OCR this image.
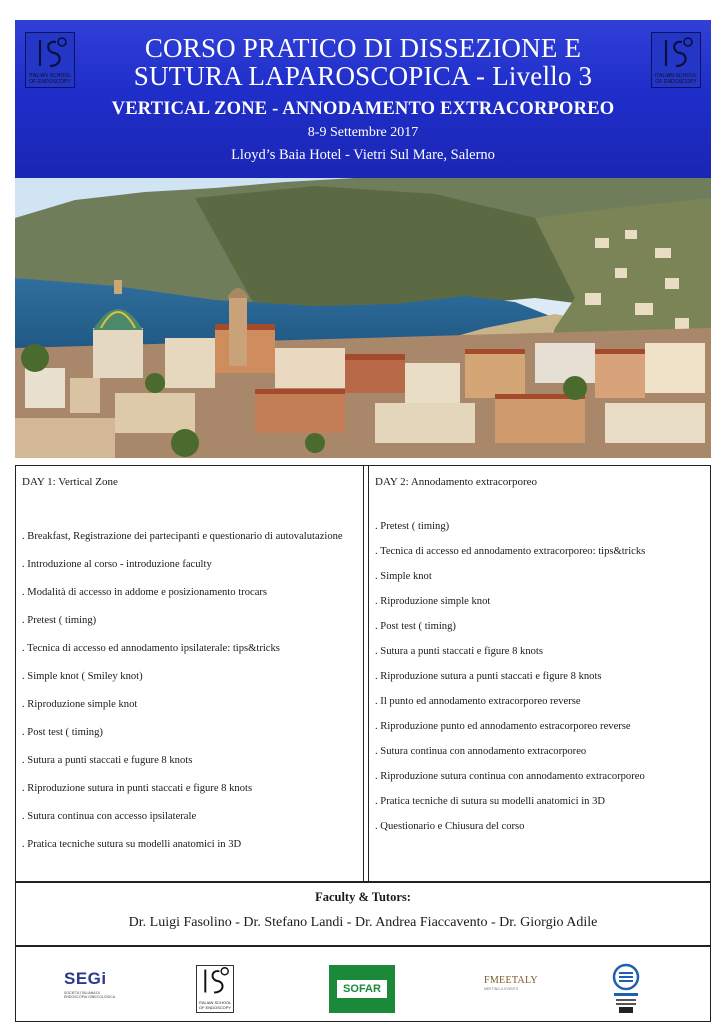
ITALIAN SCHOOL
OF ENDOSCOPY
ITALIAN SCHOOL
OF ENDOSCOPY
CORSO PRATICO DI DISSEZIONE E
SUTURA LAPAROSCOPICA - Livello 3
VERTICAL ZONE - ANNODAMENTO EXTRACORPOREO
8-9 Settembre 2017
Lloyd’s Baia Hotel - Vietri Sul Mare, Salerno
DAY 1: Vertical Zone
. Breakfast, Registrazione dei partecipanti e questionario di autovalutazione
. Introduzione al corso - introduzione faculty
. Modalità di accesso in addome e posizionamento trocars
. Pretest ( timing)
. Tecnica di accesso ed annodamento ipsilaterale: tips&tricks
. Simple knot ( Smiley knot)
. Riproduzione simple knot
. Post test ( timing)
. Sutura a punti staccati e fugure 8 knots
. Riproduzione sutura in punti staccati e figure 8 knots
. Sutura continua con accesso ipsilaterale
. Pratica tecniche sutura su modelli anatomici in 3D
DAY 2: Annodamento extracorporeo
. Pretest ( timing)
. Tecnica di accesso ed annodamento extracorporeo: tips&tricks
. Simple knot
. Riproduzione simple knot
. Post test ( timing)
. Sutura a punti staccati e figure 8 knots
. Riproduzione sutura a punti staccati e figure 8 knots
. Il punto ed annodamento extracorporeo reverse
. Riproduzione punto ed annodamento estracorporeo reverse
. Sutura continua con annodamento extracorporeo
. Riproduzione sutura continua con annodamento extracorporeo
. Pratica tecniche di sutura su modelli anatomici in 3D
. Questionario e Chiusura del corso
Faculty & Tutors:
Dr. Luigi Fasolino - Dr. Stefano Landi - Dr. Andrea Fiaccavento - Dr. Giorgio Adile
SEGi
SOCIETÀ ITALIANA DI ENDOSCOPIA GINECOLOGICA
ITALIAN SCHOOL
OF ENDOSCOPY
SOFAR
FMEETALY
MEETING & EVENTS
